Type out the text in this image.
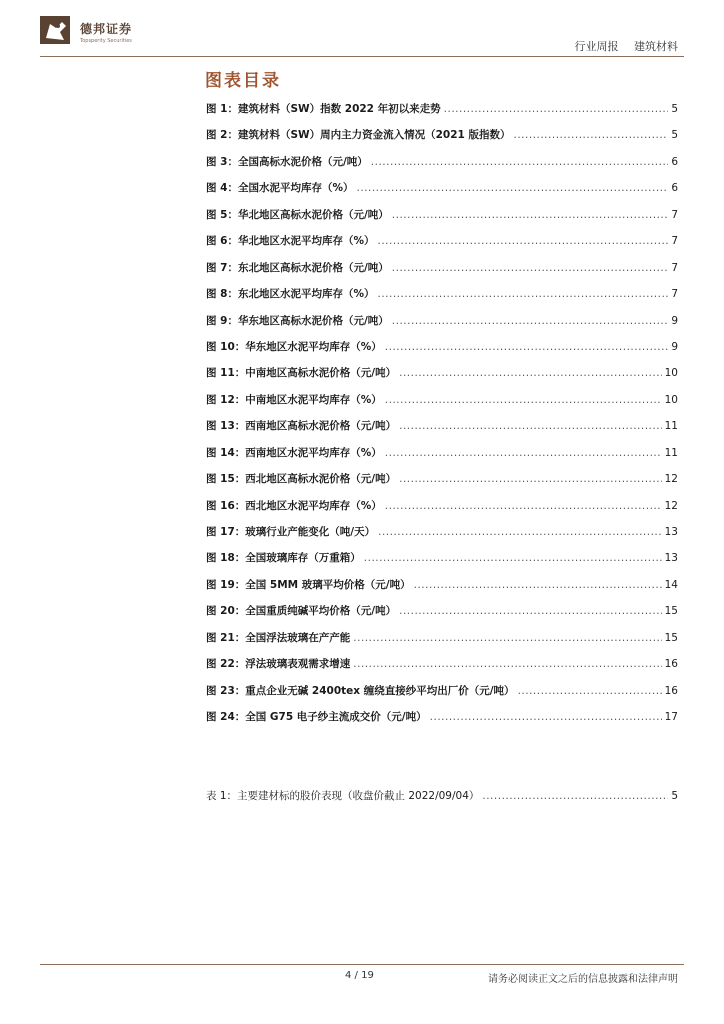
德邦证券
Topsperity Securities	行业周报 建筑材料
图表目录
图 1：建筑材料（SW）指数 2022 年初以来走势 .....	5
图 2：建筑材料（SW）周内主力资金流入情况（2021 版指数） .....	5
图 3：全国高标水泥价格（元/吨） .....	6
图 4：全国水泥平均库存（%） .....	6
图 5：华北地区高标水泥价格（元/吨） .....	7
图 6：华北地区水泥平均库存（%） .....	7
图 7：东北地区高标水泥价格（元/吨） .....	7
图 8：东北地区水泥平均库存（%） .....	7
图 9：华东地区高标水泥价格（元/吨） .....	9
图 10：华东地区水泥平均库存（%） .....	9
图 11：中南地区高标水泥价格（元/吨） .....	10
图 12：中南地区水泥平均库存（%） .....	10
图 13：西南地区高标水泥价格（元/吨） .....	11
图 14：西南地区水泥平均库存（%） .....	11
图 15：西北地区高标水泥价格（元/吨） .....	12
图 16：西北地区水泥平均库存（%） .....	12
图 17：玻璃行业产能变化（吨/天） .....	13
图 18：全国玻璃库存（万重箱） .....	13
图 19：全国 5MM 玻璃平均价格（元/吨） .....	14
图 20：全国重质纯碱平均价格（元/吨） .....	15
图 21：全国浮法玻璃在产产能 .....	15
图 22：浮法玻璃表观需求增速 .....	16
图 23：重点企业无碱 2400tex 缠绕直接纱平均出厂价（元/吨） .....	16
图 24：全国 G75 电子纱主流成交价（元/吨） .....	17
表 1：主要建材标的股价表现（收盘价截止 2022/09/04） .....	5
4 / 19	请务必阅读正文之后的信息披露和法律声明
